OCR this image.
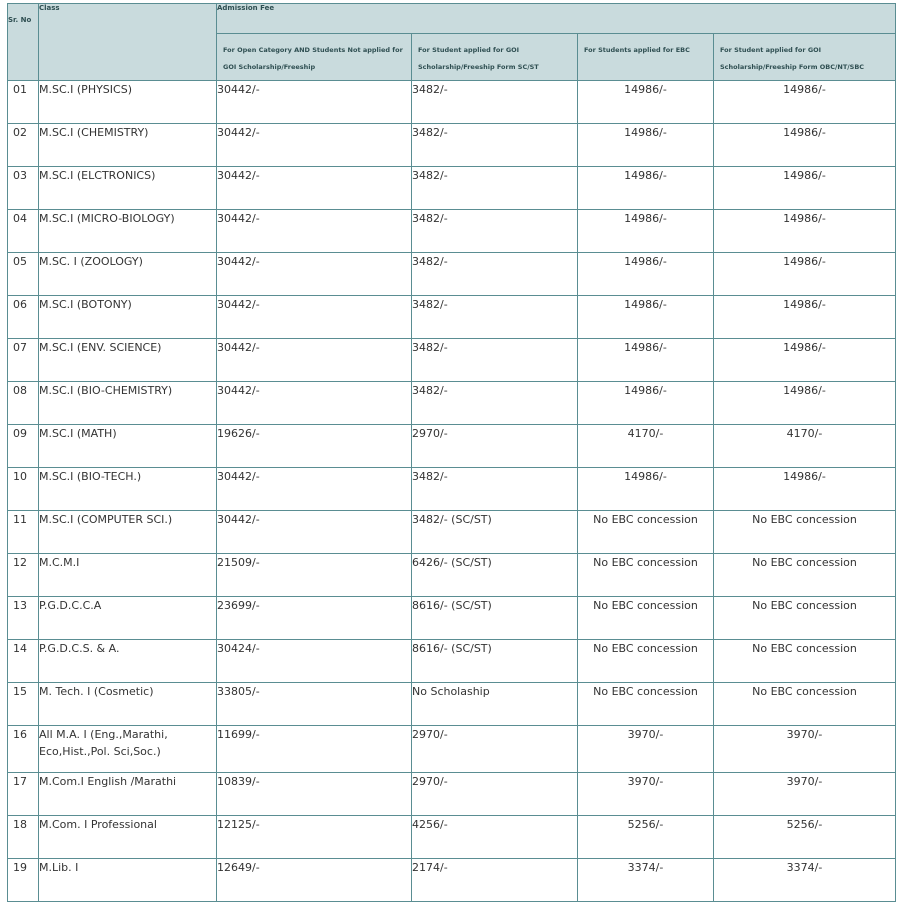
Sr. No	Class	Admission Fee			
		For Open Category AND Students Not applied for GOI Scholarship/Freeship	For Student applied for GOI Scholarship/Freeship Form SC/ST	For Students applied for EBC	For Student applied for GOI Scholarship/Freeship Form OBC/NT/SBC
01	M.SC.I (PHYSICS)	30442/-	3482/-	14986/-	14986/-
02	M.SC.I (CHEMISTRY)	30442/-	3482/-	14986/-	14986/-
03	M.SC.I (ELCTRONICS)	30442/-	3482/-	14986/-	14986/-
04	M.SC.I (MICRO-BIOLOGY)	30442/-	3482/-	14986/-	14986/-
05	M.SC. I (ZOOLOGY)	30442/-	3482/-	14986/-	14986/-
06	M.SC.I (BOTONY)	30442/-	3482/-	14986/-	14986/-
07	M.SC.I (ENV. SCIENCE)	30442/-	3482/-	14986/-	14986/-
08	M.SC.I (BIO-CHEMISTRY)	30442/-	3482/-	14986/-	14986/-
09	M.SC.I (MATH)	19626/-	2970/-	4170/-	4170/-
10	M.SC.I (BIO-TECH.)	30442/-	3482/-	14986/-	14986/-
11	M.SC.I (COMPUTER SCI.)	30442/-	3482/- (SC/ST)	No EBC concession	No EBC concession
12	M.C.M.I	21509/-	6426/- (SC/ST)	No EBC concession	No EBC concession
13	P.G.D.C.C.A	23699/-	8616/- (SC/ST)	No EBC concession	No EBC concession
14	P.G.D.C.S. & A.	30424/-	8616/- (SC/ST)	No EBC concession	No EBC concession
15	M. Tech. I (Cosmetic)	33805/-	No Scholaship	No EBC concession	No EBC concession
16	All M.A. I (Eng.,Marathi, Eco,Hist.,Pol. Sci,Soc.)	11699/-	2970/-	3970/-	3970/-
17	M.Com.I English /Marathi	10839/-	2970/-	3970/-	3970/-
18	M.Com. I Professional	12125/-	4256/-	5256/-	5256/-
19	M.Lib. I	12649/-	2174/-	3374/-	3374/-
